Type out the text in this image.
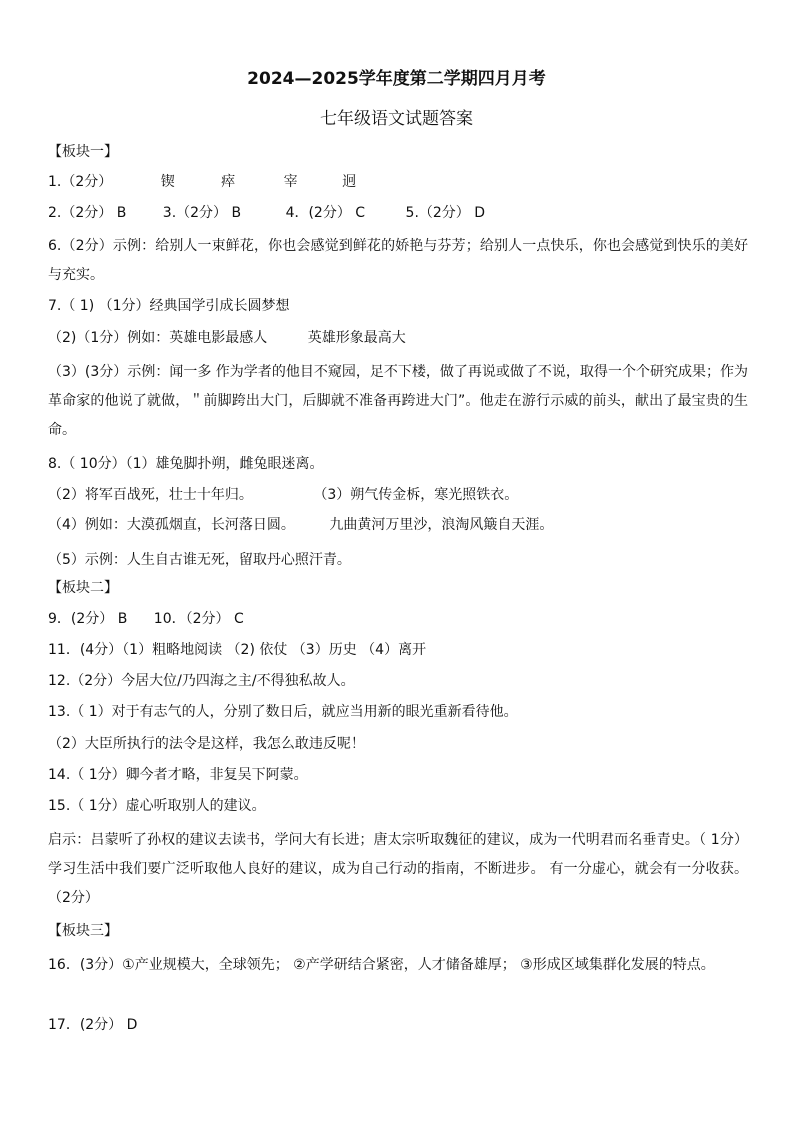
2024—2025学年度第二学期四月月考
七年级语文试题答案
【板块一】
1.（2分）	锲	瘁	宰	迥
2.（2分） B	3.（2分） B	4．(2分） C	5.（2分） D
6.（2分）示例：给别人一束鲜花，你也会感觉到鲜花的娇艳与芬芳；给别人一点快乐，你也会感觉到快乐的美好与充实。
7.（ 1) （1分）经典国学引成长圆梦想
（2)（1分）例如：英雄电影最感人	英雄形象最高大
（3）(3分）示例：闻一多 作为学者的他目不窥园，足不下楼，做了再说或做了不说，取得一个个研究成果；作为革命家的他说了就做，＂前脚跨出大门，后脚就不准备再跨进大门”。他走在游行示威的前头，献出了最宝贵的生命。
8.（ 10分）（1）雄兔脚扑朔，雌兔眼迷离。
（2）将军百战死，壮士十年归。	（3）朔气传金柝，寒光照铁衣。
（4）例如：大漠孤烟直，长河落日圆。 九曲黄河万里沙，浪淘风簸自天涯。
（5）示例：人生自古谁无死，留取丹心照汗青。
【板块二】
9．(2分） B 10．（2分） C
11．(4分）（1）粗略地阅读 （2) 依仗 （3）历史 （4）离开
12.（2分）今居大位/乃四海之主/不得独私故人。
13.（ 1）对于有志气的人，分别了数日后，就应当用新的眼光重新看待他。
（2）大臣所执行的法令是这样，我怎么敢违反呢！
14.（ 1分）卿今者才略，非复吴下阿蒙。
15.（ 1分）虚心听取别人的建议。
启示：吕蒙听了孙权的建议去读书，学问大有长进；唐太宗听取魏征的建议，成为一代明君而名垂青史。（ 1分）学习生活中我们要广泛听取他人良好的建议，成为自己行动的指南，不断进步。 有一分虚心，就会有一分收获。（2分）
【板块三】
16．(3分）①产业规模大，全球领先； ②产学研结合紧密，人才储备雄厚； ③形成区域集群化发展的特点。
17．(2分） D
